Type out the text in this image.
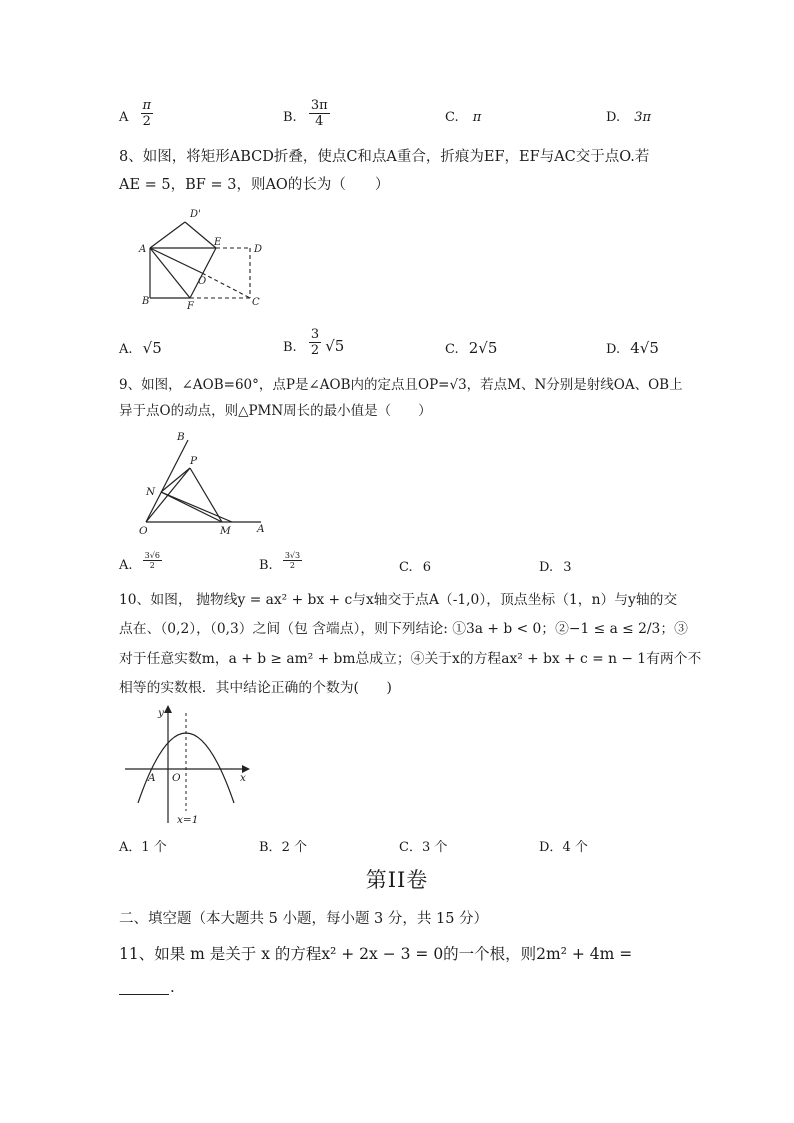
A $\frac{\pi}{2}$	B. $\frac{3\pi}{4}$	C. π	D. 3π
8、如图，将矩形ABCD折叠，使点C和点A重合，折痕为EF，EF与AC交于点O.若
AE = 5，BF = 3，则AO的长为（　　）
D'
A
E
D
O
B	F	C
A. √5	B. $\frac{3}{2} √5$	C. 2√5	D. 4√5
9、如图，∠AOB=60°，点P是∠AOB内的定点且OP=√3，若点M、N分别是射线OA、OB上
异于点O的动点，则△PMN周长的最小值是（　　）
B
P
N
O	M A
A. $\frac{3√6}{2}$	B. $\frac{3√3}{2}$	C. 6	D. 3
10、如图， 抛物线y = ax² + bx + c与x轴交于点A（-1,0），顶点坐标（1，n）与y轴的交
点在、（0,2），（0,3）之间（包 含端点），则下列结论: ①3a + b < 0；②−1 ≤ a ≤ 2/3；③
对于任意实数m，a + b ≥ am² + bm总成立；④关于x的方程ax² + bx + c = n − 1有两个不
相等的实数根．其中结论正确的个数为(　　)
y
A O	x
x=1
A．1 个	B．2 个	C．3 个	D．4 个
第II卷
二、填空题（本大题共 5 小题，每小题 3 分，共 15 分）
11、如果 m 是关于 x 的方程x² + 2x − 3 = 0的一个根，则2m² + 4m =
.
